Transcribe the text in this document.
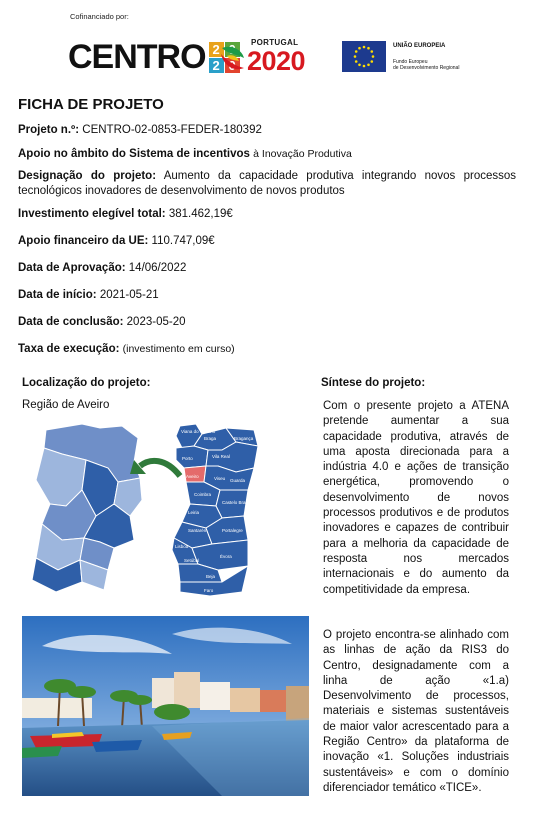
Cofinanciado por:
CENTRO 2
2
PORTUGAL
2020	UNIÃO EUROPEIA
Fundo Europeu
de Desenvolvimento Regional
FICHA DE PROJETO
Projeto n.º: CENTRO-02-0853-FEDER-180392
Apoio no âmbito do Sistema de incentivos à Inovação Produtiva
Designação do projeto: Aumento da capacidade produtiva integrando novos processos tecnológicos inovadores de desenvolvimento de novos produtos
Investimento elegível total: 381.462,19€
Apoio financeiro da UE: 110.747,09€
Data de Aprovação: 14/06/2022
Data de início: 2021-05-21
Data de conclusão: 2023-05-20
Taxa de execução: (investimento em curso)
Localização do projeto:
Região de Aveiro
Viana do Castelo
Braga
Vila Real
Bragança
Porto
Viseu Guarda
Aveiro
Coimbra
Castelo Branco
Leiria
Santarém	Portalegre
Lisboa
Setúbal
Évora
Beja
Faro
Síntese do projeto:
Com o presente projeto a ATENA pretende aumentar a sua capacidade produtiva, através de uma aposta direcionada para a indústria 4.0 e ações de transição energética, promovendo o desenvolvimento de novos processos produtivos e de produtos inovadores e capazes de contribuir para a melhoria da capacidade de resposta nos mercados internacionais e do aumento da competitividade da empresa.
O projeto encontra-se alinhado com as linhas de ação da RIS3 do Centro, designadamente com a linha de ação «1.a) Desenvolvimento de processos, materiais e sistemas sustentáveis de maior valor acrescentado para a Região Centro» da plataforma de inovação «1. Soluções industriais sustentáveis» e com o domínio diferenciador temático «TICE».
